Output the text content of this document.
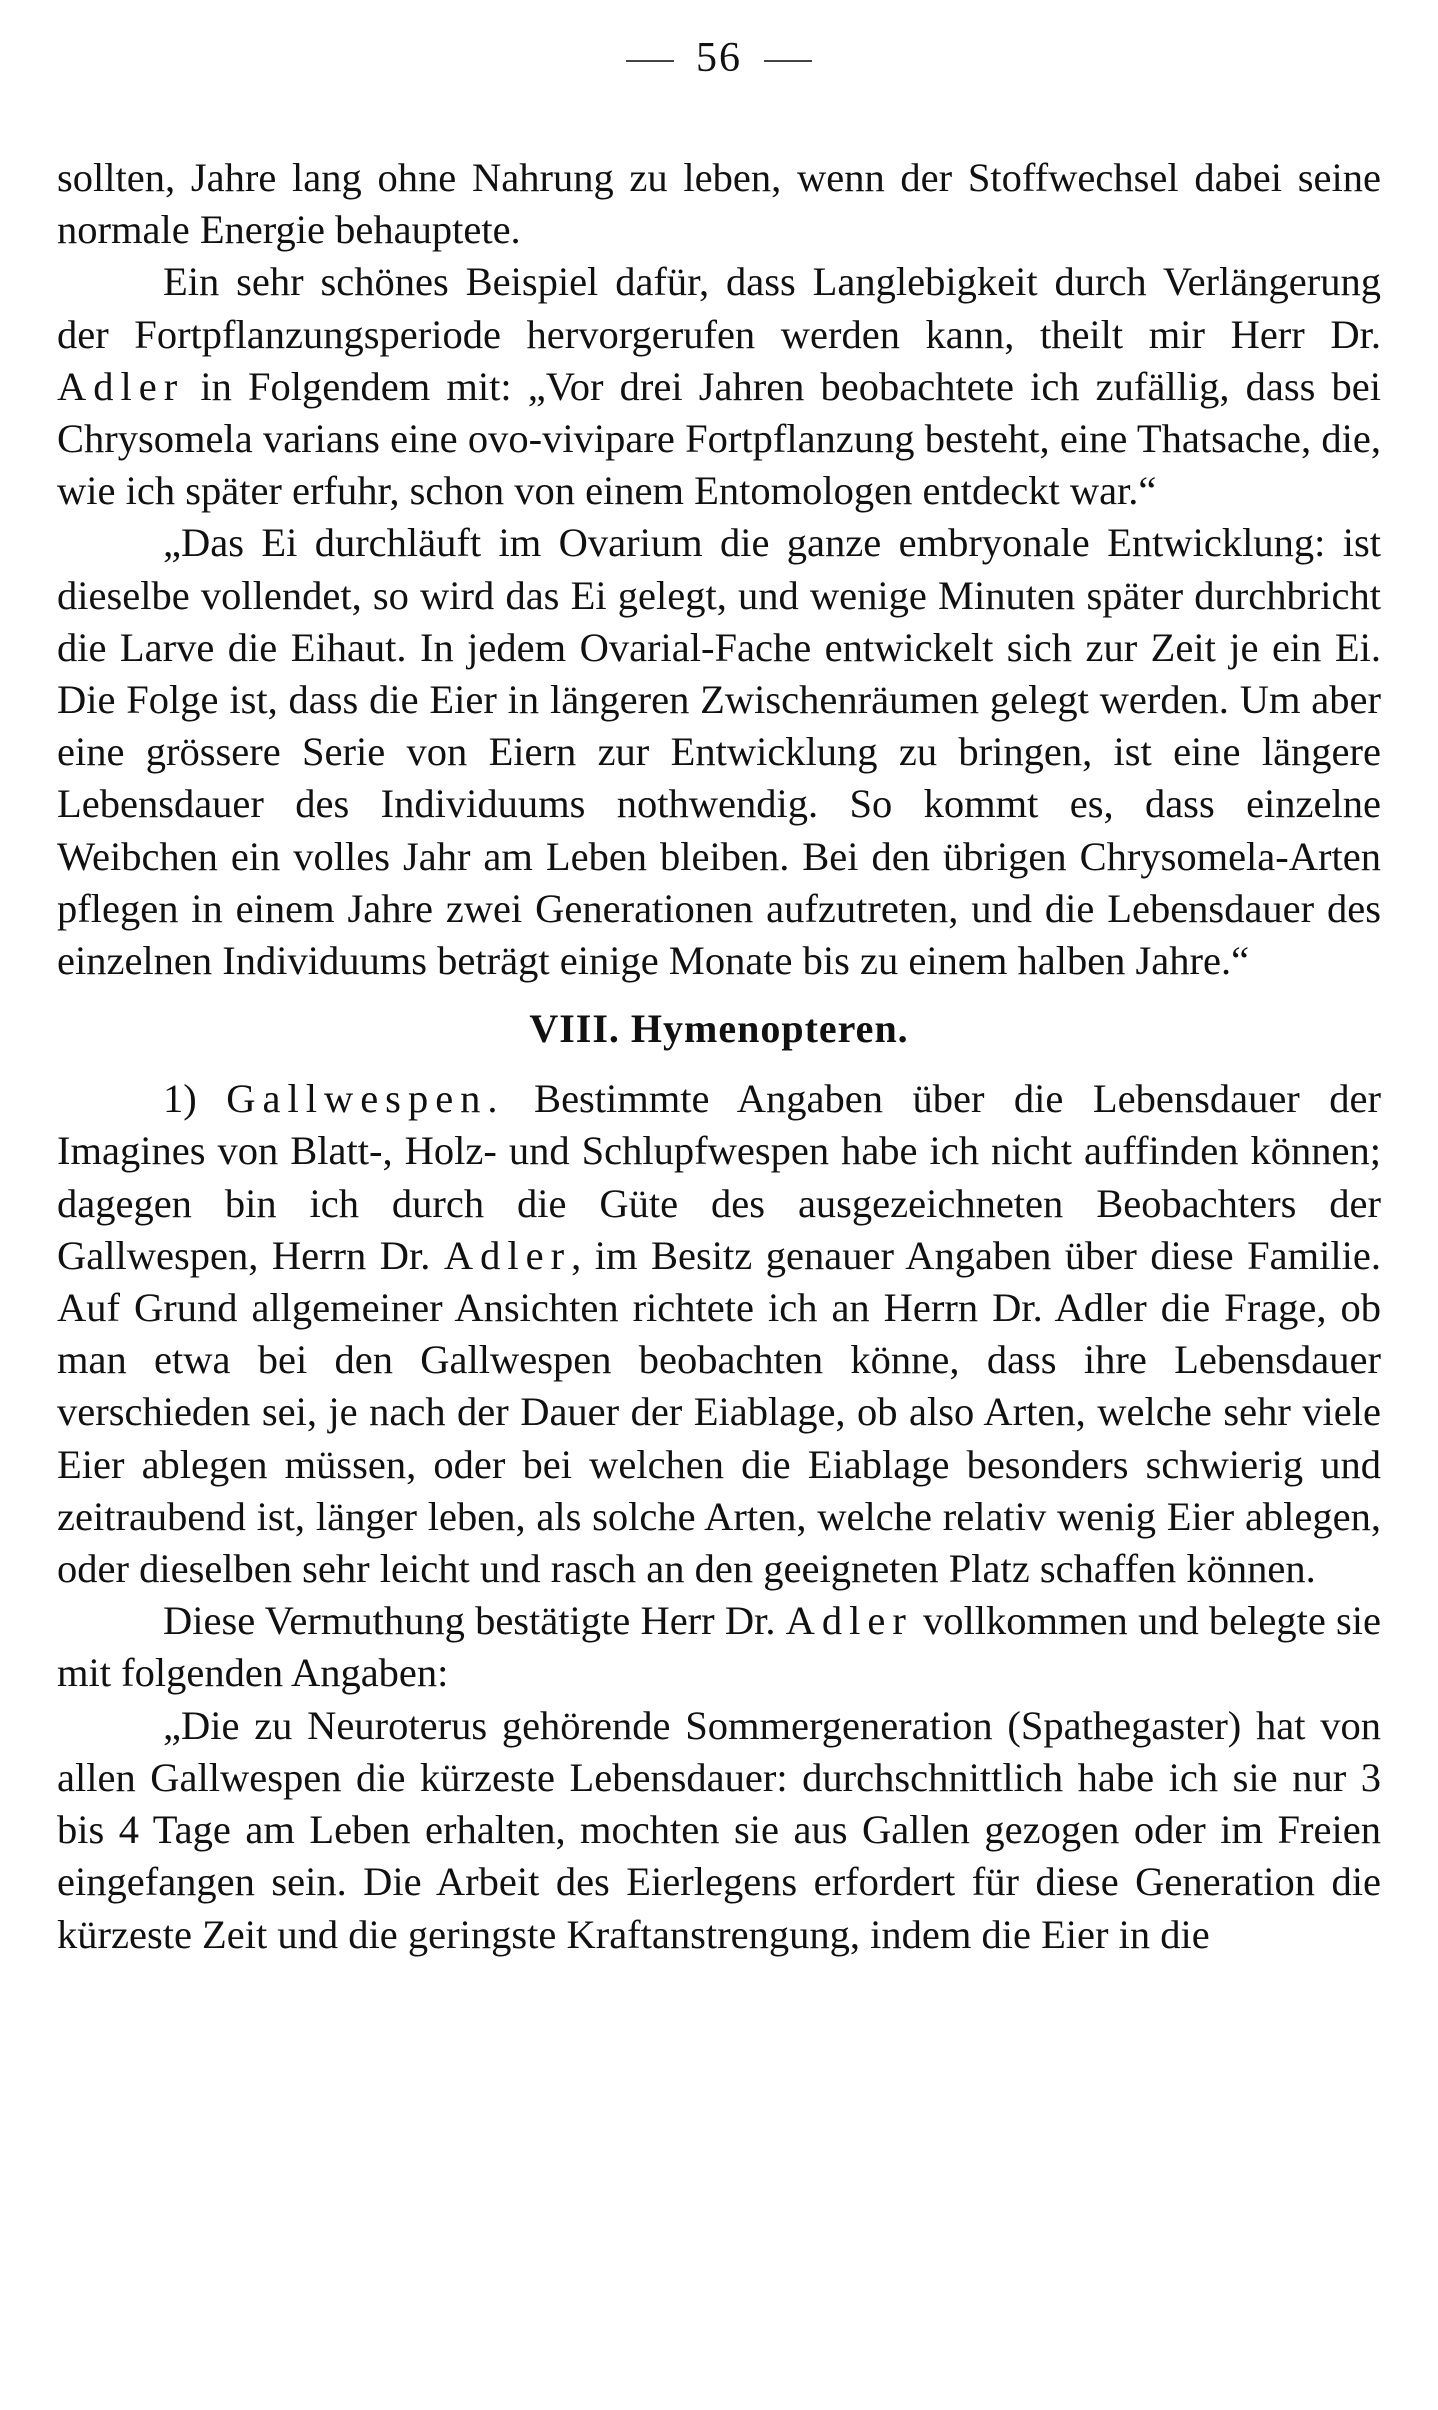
56

sollten, Jahre lang ohne Nahrung zu leben, wenn der Stoffwechsel dabei seine normale Energie behauptete.

Ein sehr schönes Beispiel dafür, dass Langlebigkeit durch Verlängerung der Fortpflanzungsperiode hervorgerufen werden kann, theilt mir Herr Dr. Adler in Folgendem mit: „Vor drei Jahren beobachtete ich zufällig, dass bei Chrysomela varians eine ovo-vivipare Fortpflanzung besteht, eine Thatsache, die, wie ich später erfuhr, schon von einem Entomologen entdeckt war.“

„Das Ei durchläuft im Ovarium die ganze embryonale Entwicklung: ist dieselbe vollendet, so wird das Ei gelegt, und wenige Minuten später durchbricht die Larve die Eihaut. In jedem Ovarial-Fache entwickelt sich zur Zeit je ein Ei. Die Folge ist, dass die Eier in längeren Zwischenräumen gelegt werden. Um aber eine grössere Serie von Eiern zur Entwicklung zu bringen, ist eine längere Lebensdauer des Individuums nothwendig. So kommt es, dass einzelne Weibchen ein volles Jahr am Leben bleiben. Bei den übrigen Chrysomela-Arten pflegen in einem Jahre zwei Generationen aufzutreten, und die Lebensdauer des einzelnen Individuums beträgt einige Monate bis zu einem halben Jahre.“

VIII. Hymenopteren.

1) Gallwespen. Bestimmte Angaben über die Lebensdauer der Imagines von Blatt-, Holz- und Schlupfwespen habe ich nicht auffinden können; dagegen bin ich durch die Güte des ausgezeichneten Beobachters der Gallwespen, Herrn Dr. Adler, im Besitz genauer Angaben über diese Familie. Auf Grund allgemeiner Ansichten richtete ich an Herrn Dr. Adler die Frage, ob man etwa bei den Gallwespen beobachten könne, dass ihre Lebensdauer verschieden sei, je nach der Dauer der Eiablage, ob also Arten, welche sehr viele Eier ablegen müssen, oder bei welchen die Eiablage besonders schwierig und zeitraubend ist, länger leben, als solche Arten, welche relativ wenig Eier ablegen, oder dieselben sehr leicht und rasch an den geeigneten Platz schaffen können.

Diese Vermuthung bestätigte Herr Dr. Adler vollkommen und belegte sie mit folgenden Angaben:

„Die zu Neuroterus gehörende Sommergeneration (Spathegaster) hat von allen Gallwespen die kürzeste Lebensdauer: durchschnittlich habe ich sie nur 3 bis 4 Tage am Leben erhalten, mochten sie aus Gallen gezogen oder im Freien eingefangen sein. Die Arbeit des Eierlegens erfordert für diese Generation die kürzeste Zeit und die geringste Kraftanstrengung, indem die Eier in die
